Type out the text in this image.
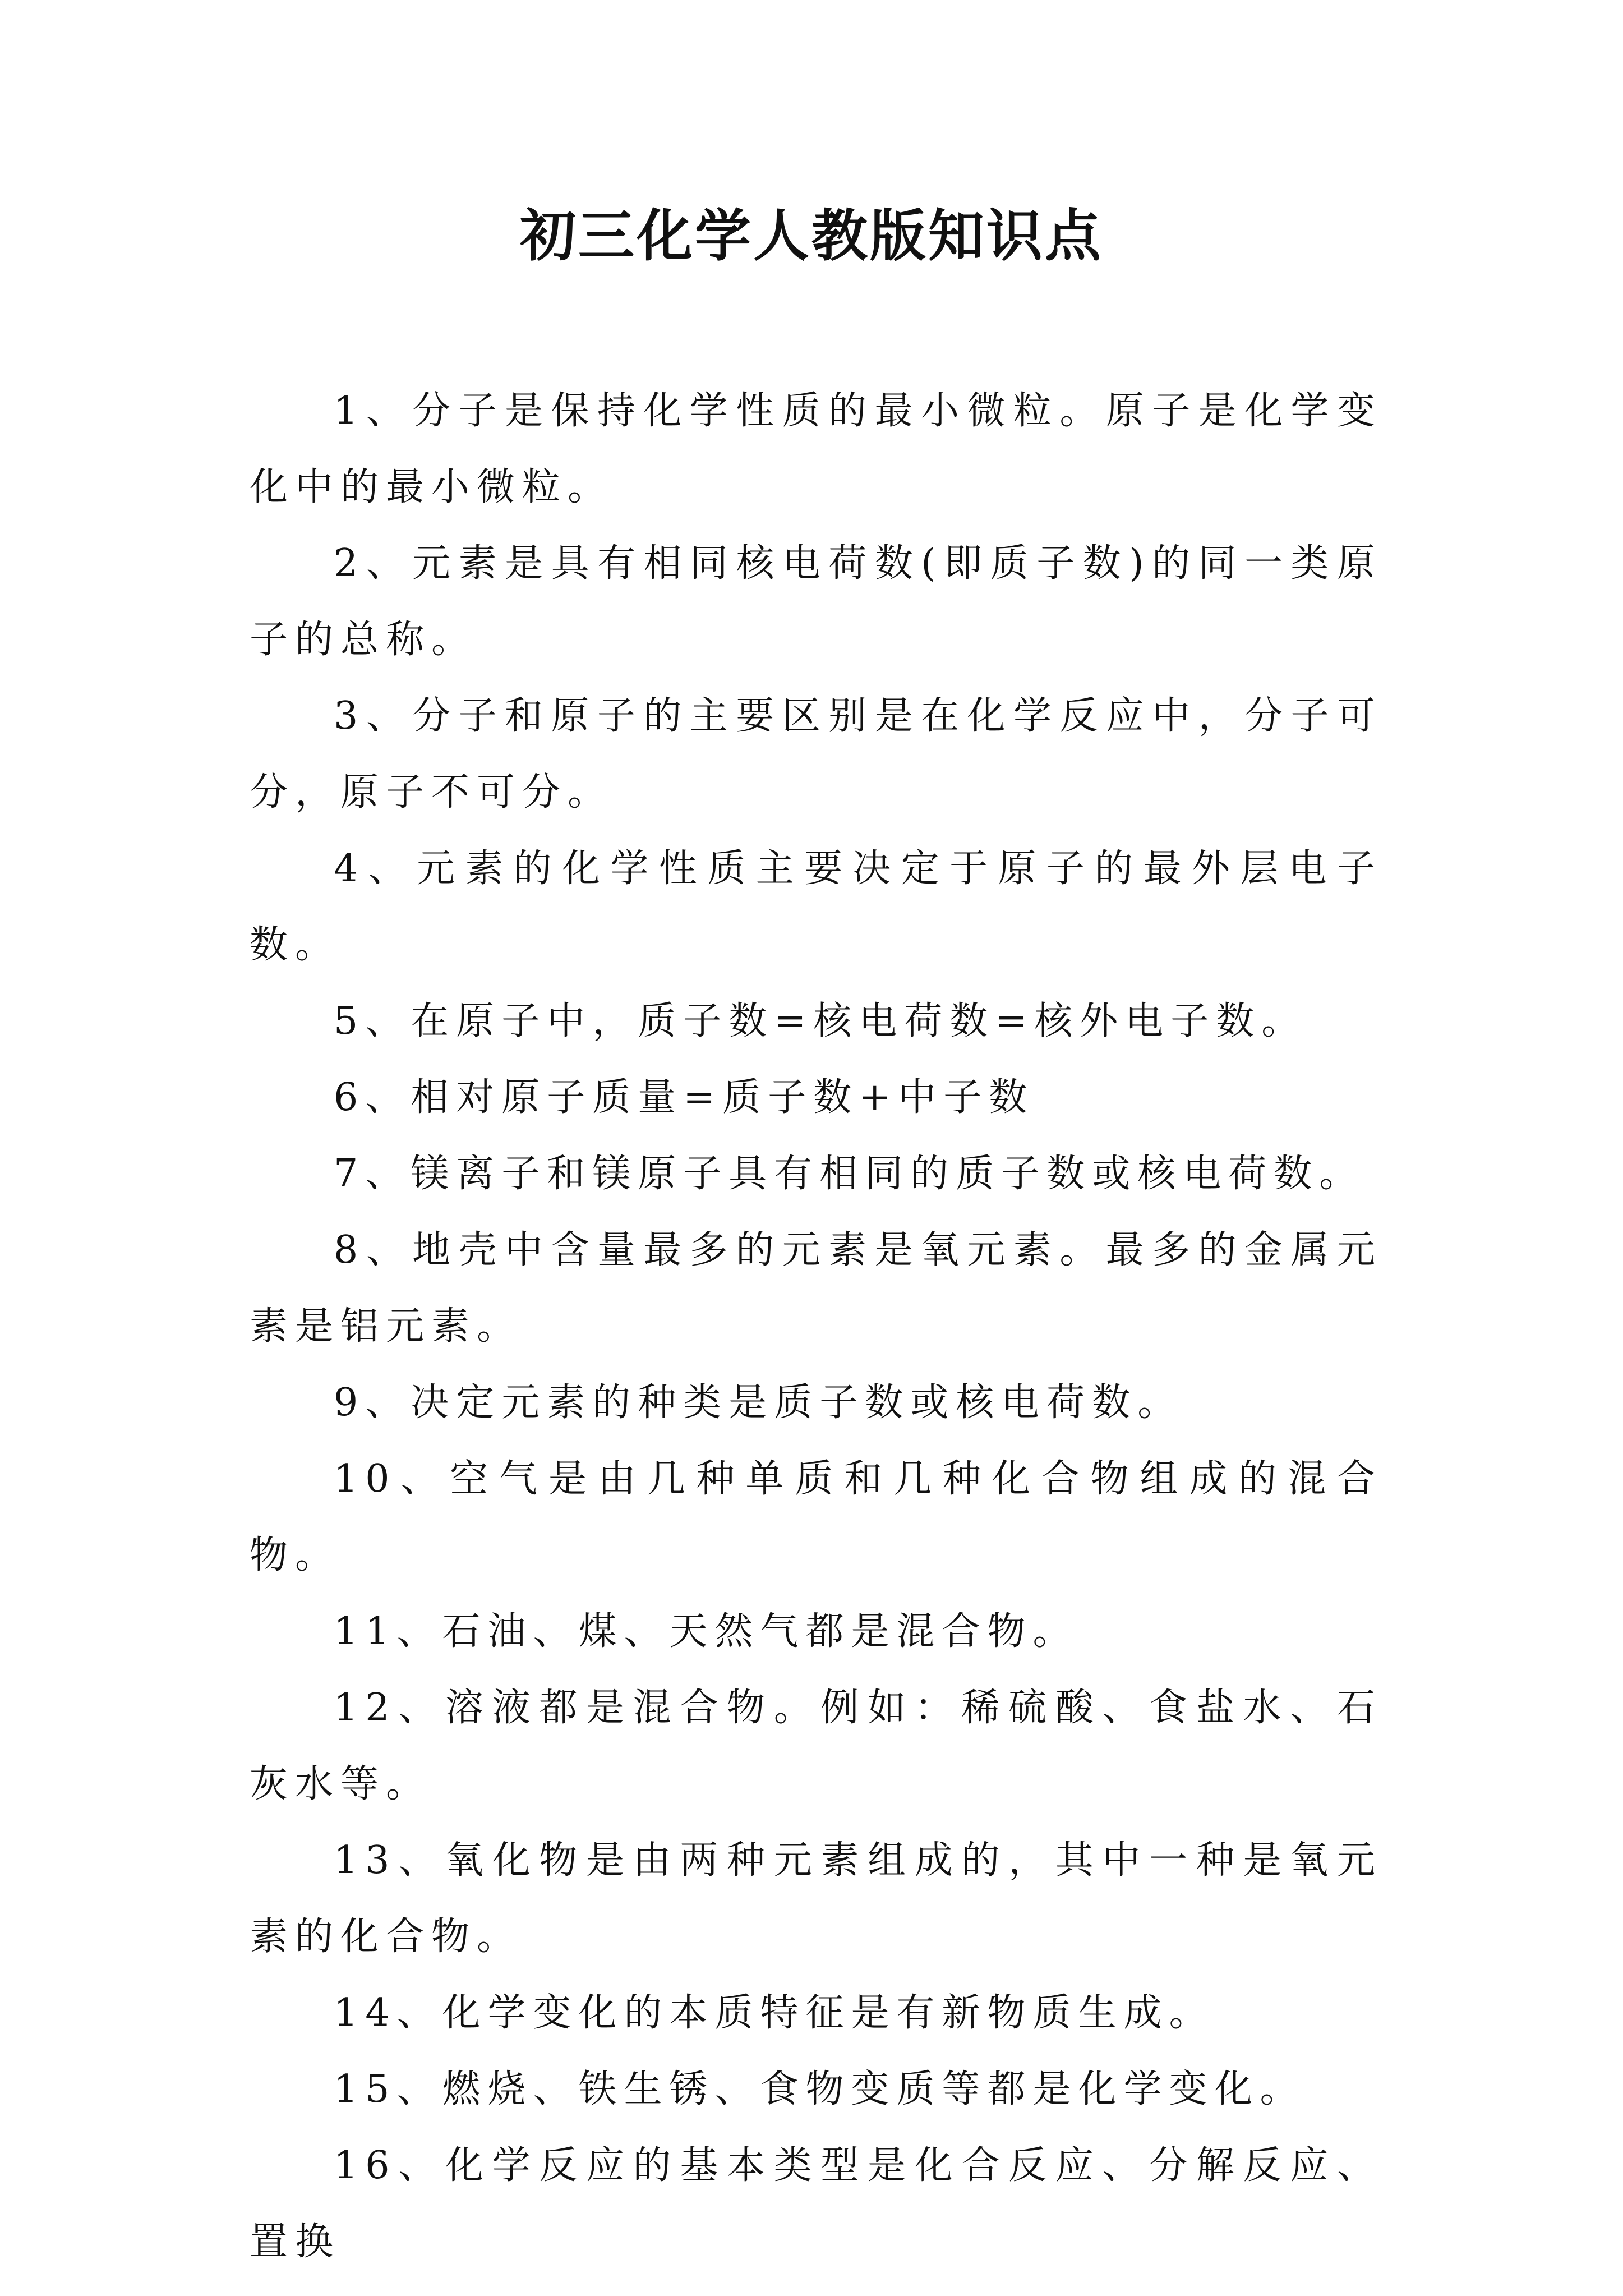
初三化学人教版知识点

1、分子是保持化学性质的最小微粒。原子是化学变化中的最小微粒。

2、元素是具有相同核电荷数(即质子数)的同一类原子的总称。

3、分子和原子的主要区别是在化学反应中，分子可分，原子不可分。

4、元素的化学性质主要决定于原子的最外层电子数。

5、在原子中，质子数=核电荷数=核外电子数。

6、相对原子质量=质子数+中子数

7、镁离子和镁原子具有相同的质子数或核电荷数。

8、地壳中含量最多的元素是氧元素。最多的金属元素是铝元素。

9、决定元素的种类是质子数或核电荷数。

10、空气是由几种单质和几种化合物组成的混合物。

11、石油、煤、天然气都是混合物。

12、溶液都是混合物。例如：稀硫酸、食盐水、石灰水等。

13、氧化物是由两种元素组成的，其中一种是氧元素的化合物。

14、化学变化的本质特征是有新物质生成。

15、燃烧、铁生锈、食物变质等都是化学变化。

16、化学反应的基本类型是化合反应、分解反应、置换
